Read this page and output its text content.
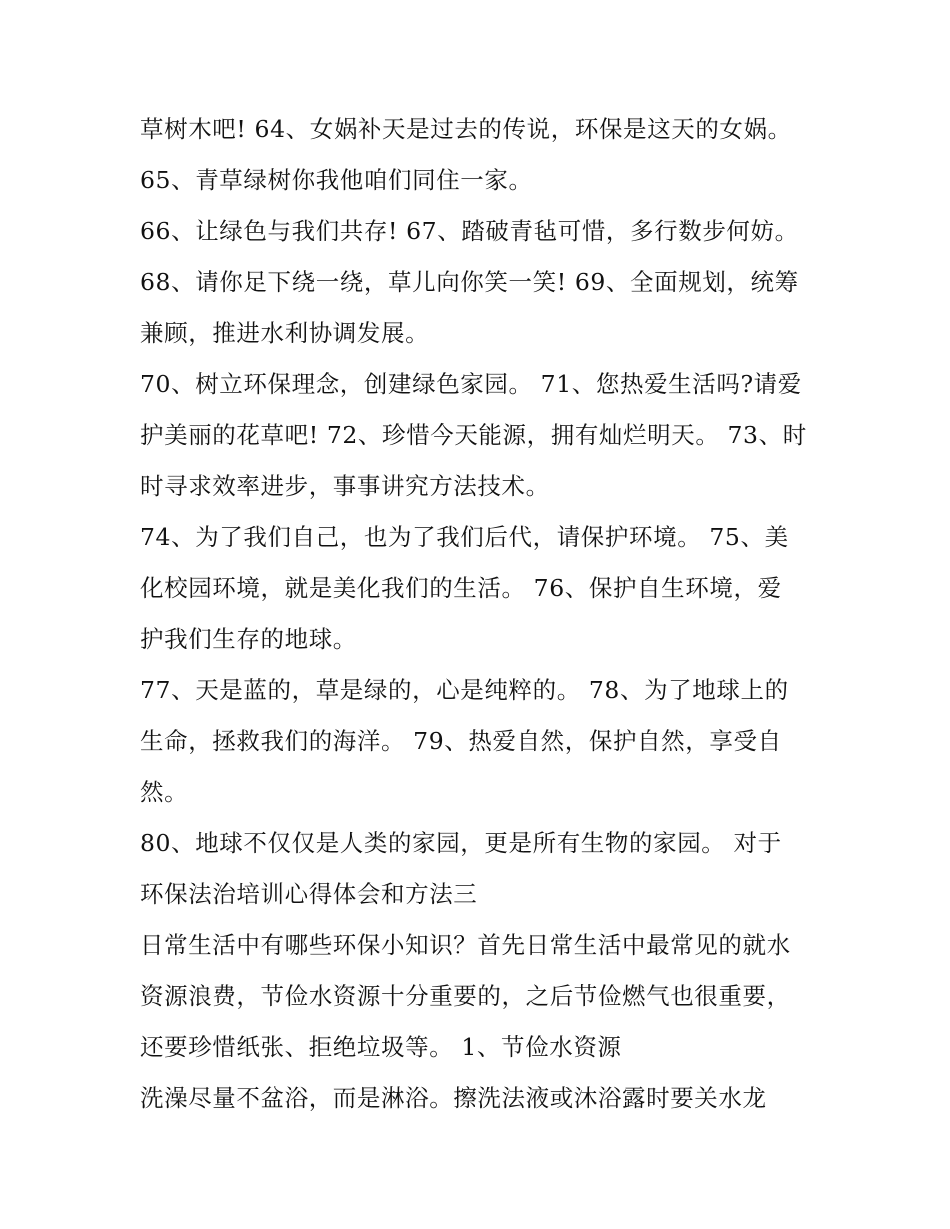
草树木吧! 64、女娲补天是过去的传说，环保是这天的女娲。
65、青草绿树你我他咱们同住一家。
66、让绿色与我们共存! 67、踏破青毡可惜，多行数步何妨。
68、请你足下绕一绕，草儿向你笑一笑! 69、全面规划，统筹
兼顾，推进水利协调发展。
70、树立环保理念，创建绿色家园。 71、您热爱生活吗?请爱
护美丽的花草吧! 72、珍惜今天能源，拥有灿烂明天。 73、时
时寻求效率进步，事事讲究方法技术。
74、为了我们自己，也为了我们后代，请保护环境。 75、美
化校园环境，就是美化我们的生活。 76、保护自生环境，爱
护我们生存的地球。
77、天是蓝的，草是绿的，心是纯粹的。 78、为了地球上的
生命，拯救我们的海洋。 79、热爱自然，保护自然，享受自
然。
80、地球不仅仅是人类的家园，更是所有生物的家园。 对于
环保法治培训心得体会和方法三
日常生活中有哪些环保小知识？首先日常生活中最常见的就水
资源浪费，节俭水资源十分重要的，之后节俭燃气也很重要，
还要珍惜纸张、拒绝垃圾等。 1、节俭水资源
洗澡尽量不盆浴，而是淋浴。擦洗法液或沐浴露时要关水龙
